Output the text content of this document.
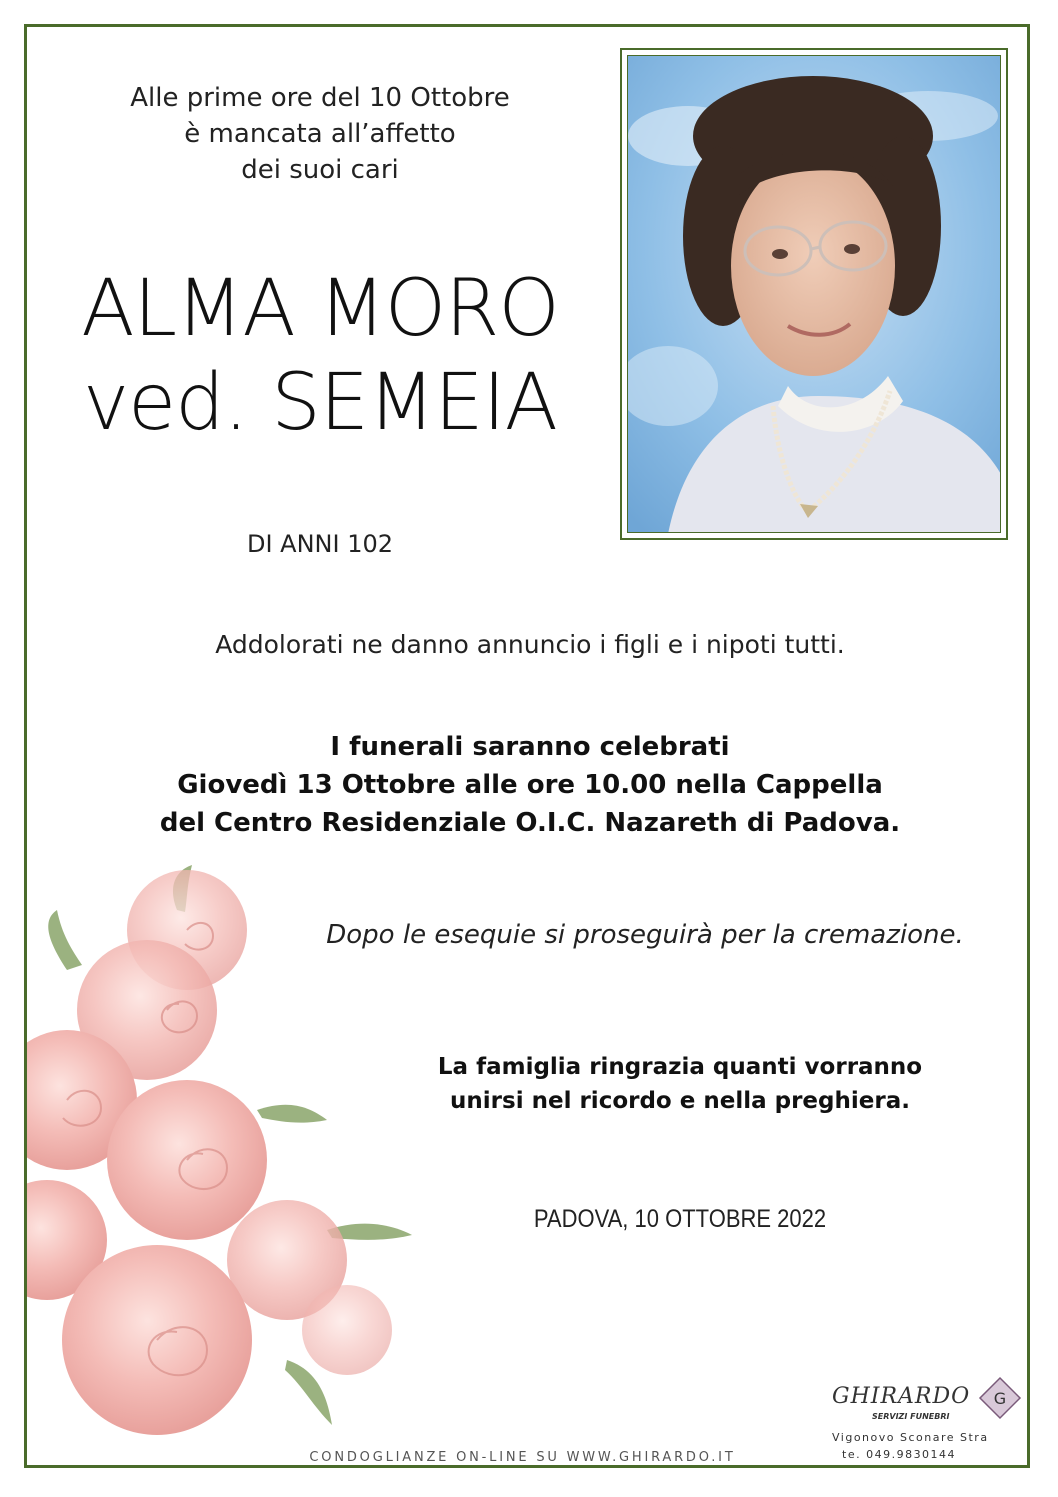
Alle prime ore del 10 Ottobre
è mancata all’affetto
dei suoi cari
ALMA MORO
ved. SEMEIA
DI ANNI 102
Addolorati ne danno annuncio i figli e i nipoti tutti.
I funerali saranno celebrati
Giovedì 13 Ottobre alle ore 10.00 nella Cappella
del Centro Residenziale O.I.C. Nazareth di Padova.
Dopo le esequie si proseguirà per la cremazione.
La famiglia ringrazia quanti vorranno
unirsi nel ricordo e nella preghiera.
PADOVA, 10 OTTOBRE 2022
CONDOGLIANZE ON-LINE SU WWW.GHIRARDO.IT
GHIRARDO
SERVIZI FUNEBRI
G
Vigonovo Sconare Stra
te. 049.9830144
